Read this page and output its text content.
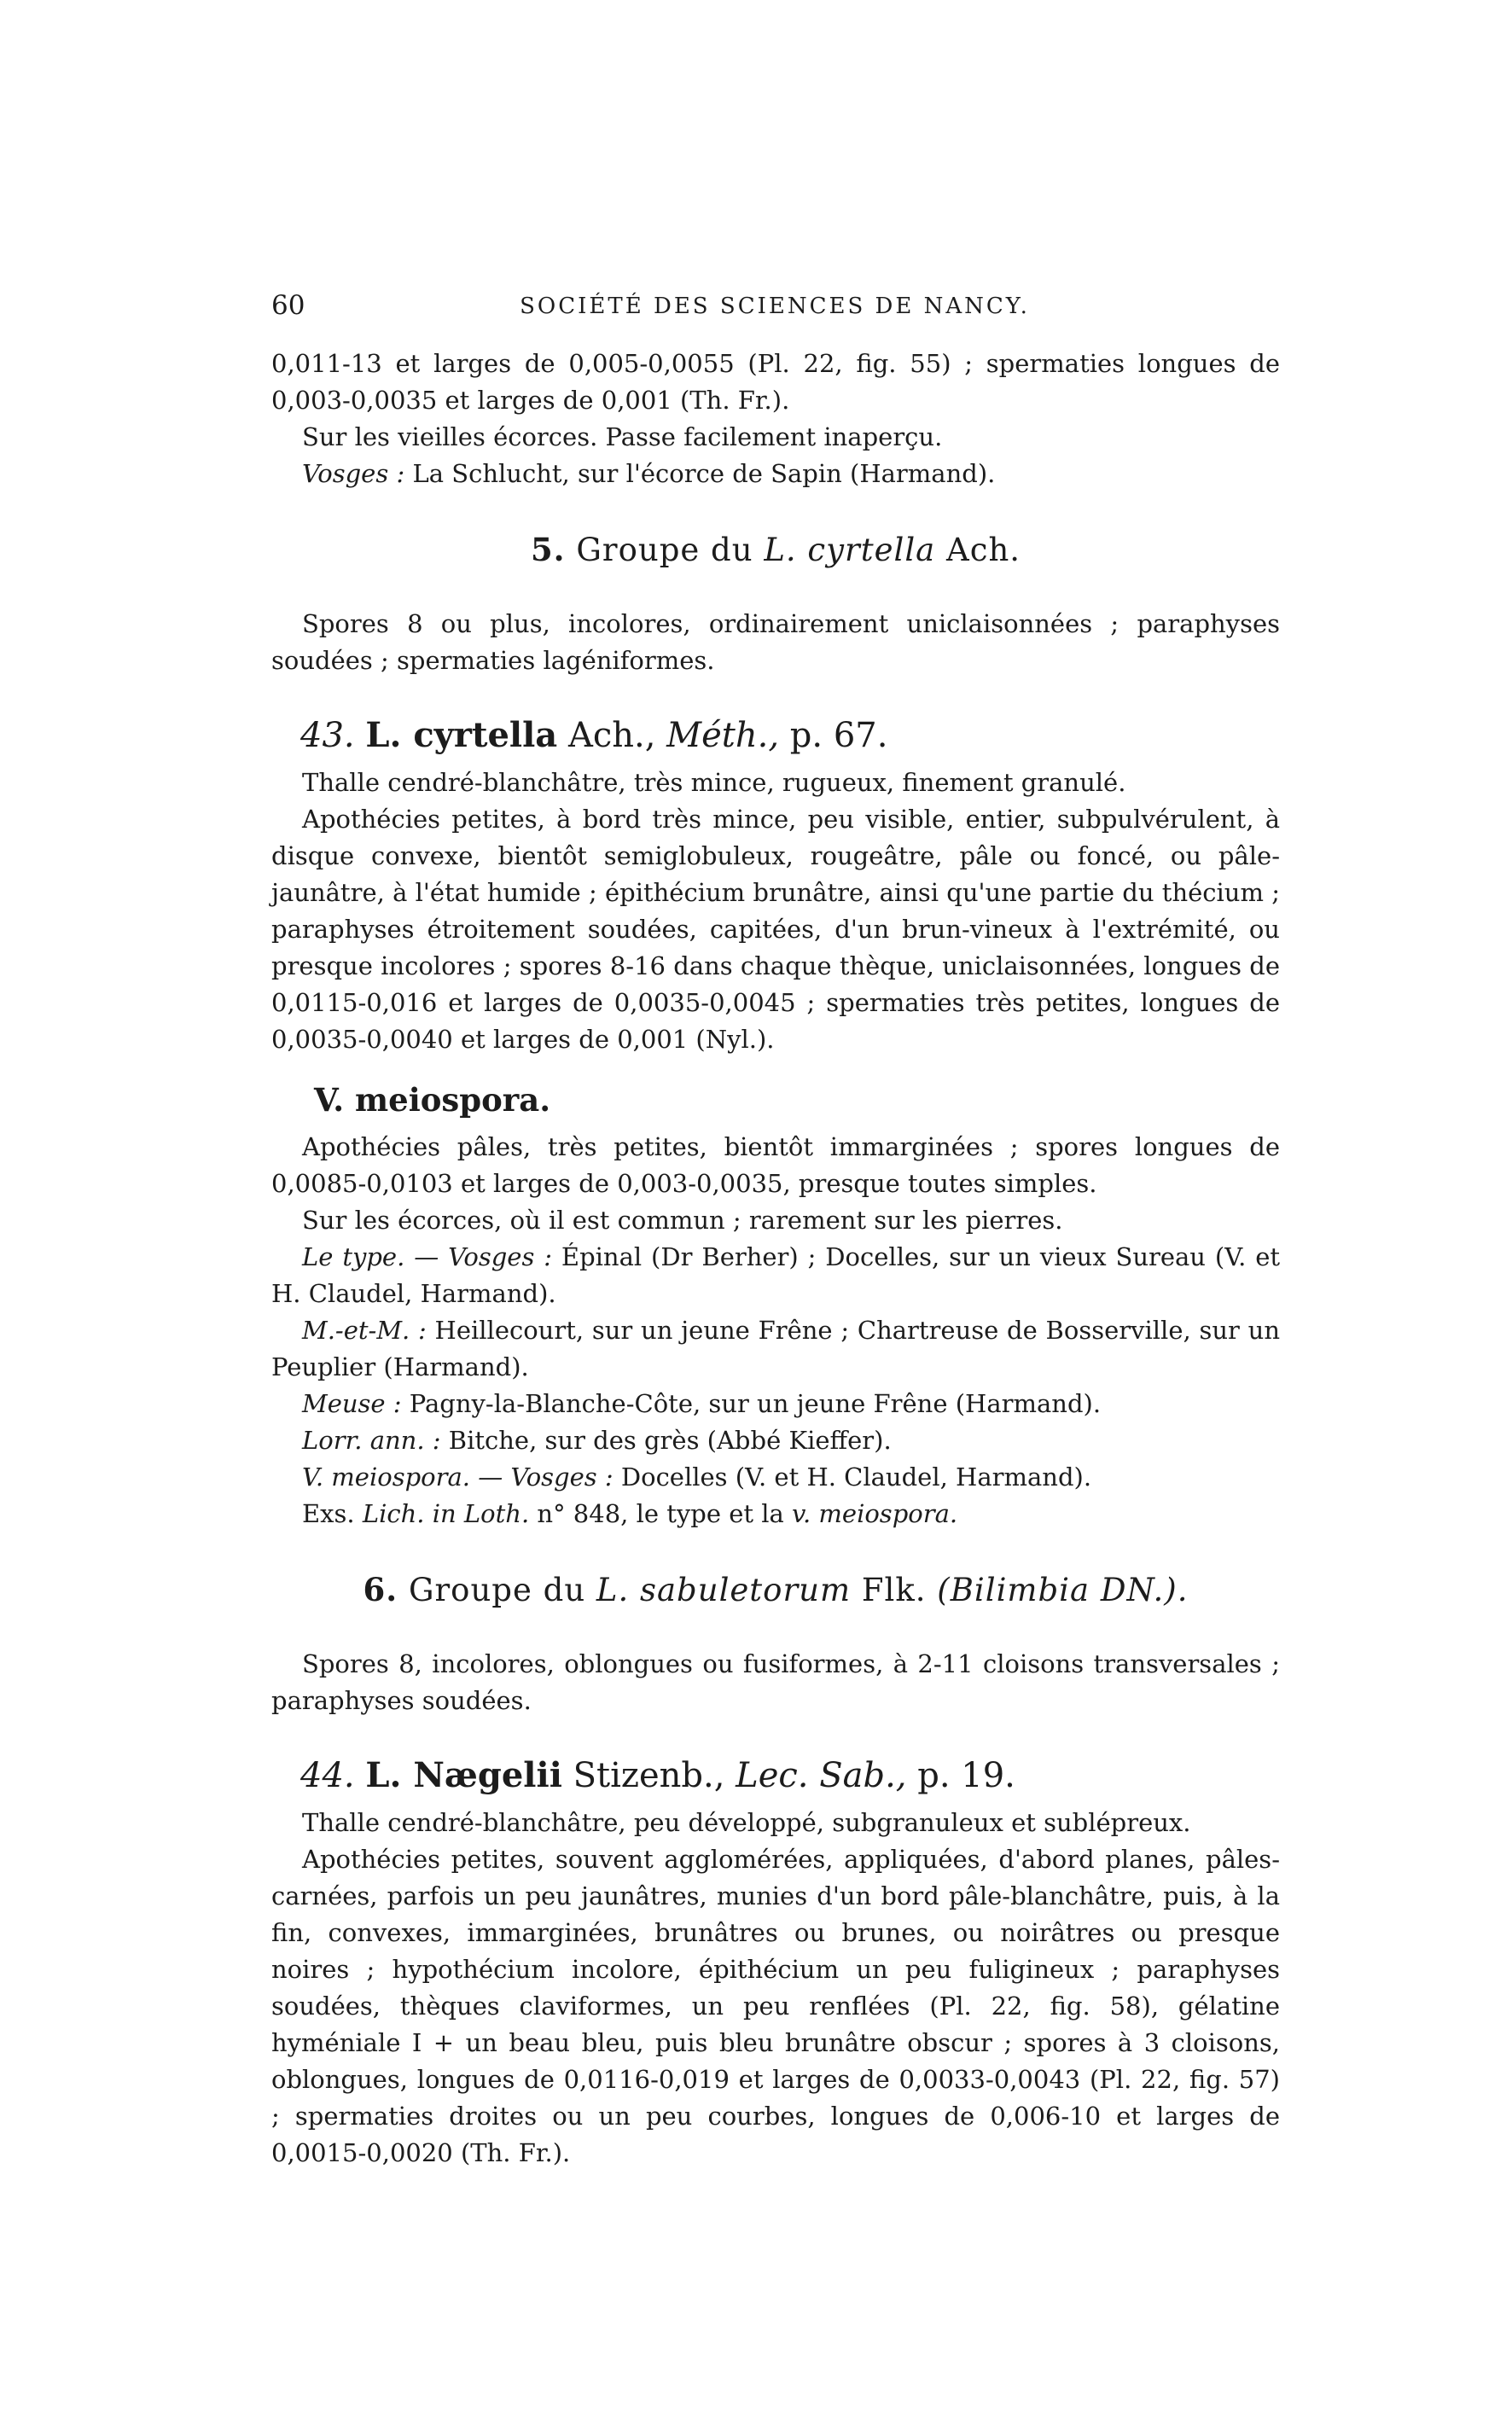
60	SOCIÉTÉ DES SCIENCES DE NANCY.

0,011-13 et larges de 0,005-0,0055 (Pl. 22, fig. 55) ; spermaties longues de 0,003-0,0035 et larges de 0,001 (Th. Fr.).

Sur les vieilles écorces. Passe facilement inaperçu.

Vosges : La Schlucht, sur l'écorce de Sapin (Harmand).

5. Groupe du L. cyrtella Ach.

Spores 8 ou plus, incolores, ordinairement uniclaisonnées ; paraphyses soudées ; spermaties lagéniformes.

43. L. cyrtella Ach., Méth., p. 67.

Thalle cendré-blanchâtre, très mince, rugueux, finement granulé.

Apothécies petites, à bord très mince, peu visible, entier, subpulvérulent, à disque convexe, bientôt semiglobuleux, rougeâtre, pâle ou foncé, ou pâle-jaunâtre, à l'état humide ; épithécium brunâtre, ainsi qu'une partie du thécium ; paraphyses étroitement soudées, capitées, d'un brun-vineux à l'extrémité, ou presque incolores ; spores 8-16 dans chaque thèque, uniclaisonnées, longues de 0,0115-0,016 et larges de 0,0035-0,0045 ; spermaties très petites, longues de 0,0035-0,0040 et larges de 0,001 (Nyl.).

V. meiospora.

Apothécies pâles, très petites, bientôt immarginées ; spores longues de 0,0085-0,0103 et larges de 0,003-0,0035, presque toutes simples.

Sur les écorces, où il est commun ; rarement sur les pierres.

Le type. — Vosges : Épinal (Dr Berher) ; Docelles, sur un vieux Sureau (V. et H. Claudel, Harmand).

M.-et-M. : Heillecourt, sur un jeune Frêne ; Chartreuse de Bosserville, sur un Peuplier (Harmand).

Meuse : Pagny-la-Blanche-Côte, sur un jeune Frêne (Harmand).

Lorr. ann. : Bitche, sur des grès (Abbé Kieffer).

V. meiospora. — Vosges : Docelles (V. et H. Claudel, Harmand).

Exs. Lich. in Loth. n° 848, le type et la v. meiospora.

6. Groupe du L. sabuletorum Flk. (Bilimbia DN.).

Spores 8, incolores, oblongues ou fusiformes, à 2-11 cloisons transversales ; paraphyses soudées.

44. L. Nægelii Stizenb., Lec. Sab., p. 19.

Thalle cendré-blanchâtre, peu développé, subgranuleux et sublépreux.

Apothécies petites, souvent agglomérées, appliquées, d'abord planes, pâles-carnées, parfois un peu jaunâtres, munies d'un bord pâle-blanchâtre, puis, à la fin, convexes, immarginées, brunâtres ou brunes, ou noirâtres ou presque noires ; hypothécium incolore, épithécium un peu fuligineux ; paraphyses soudées, thèques claviformes, un peu renflées (Pl. 22, fig. 58), gélatine hyméniale I + un beau bleu, puis bleu brunâtre obscur ; spores à 3 cloisons, oblongues, longues de 0,0116-0,019 et larges de 0,0033-0,0043 (Pl. 22, fig. 57) ; spermaties droites ou un peu courbes, longues de 0,006-10 et larges de 0,0015-0,0020 (Th. Fr.).
